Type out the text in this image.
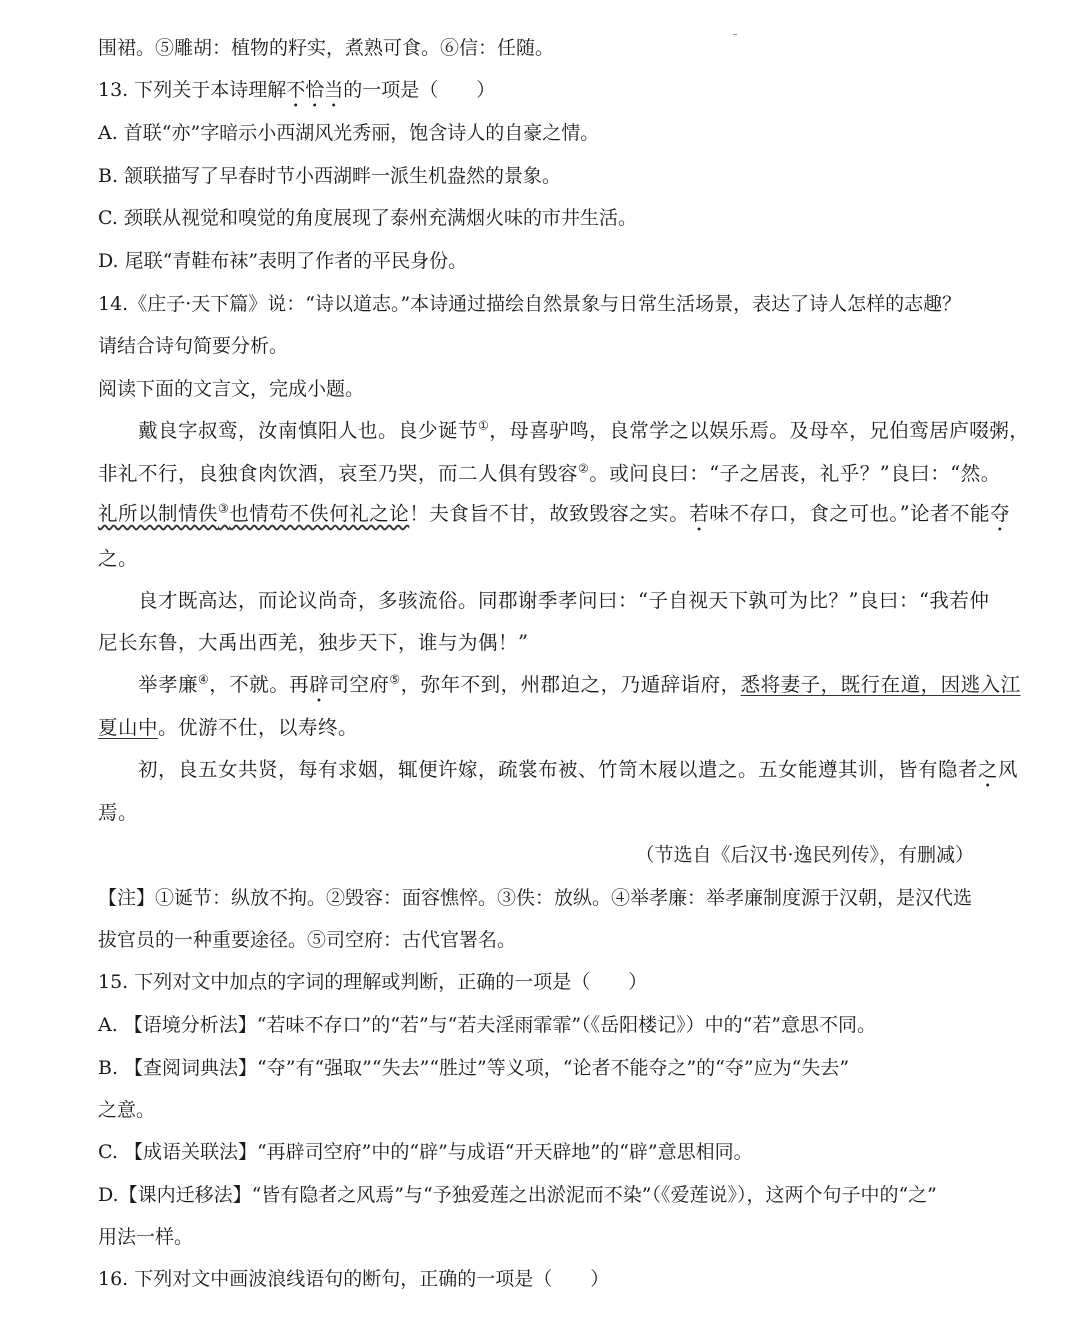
围裙。⑤雕胡：植物的籽实，煮熟可食。⑥信：任随。
13. 下列关于本诗理解不恰当的一项是（　　）
A. 首联“亦”字暗示小西湖风光秀丽，饱含诗人的自豪之情。
B. 颔联描写了早春时节小西湖畔一派生机盎然的景象。
C. 颈联从视觉和嗅觉的角度展现了泰州充满烟火味的市井生活。
D. 尾联“青鞋布袜”表明了作者的平民身份。
14.《庄子·天下篇》说：“诗以道志。”本诗通过描绘自然景象与日常生活场景，表达了诗人怎样的志趣？
请结合诗句简要分析。
阅读下面的文言文，完成小题。
戴良字叔鸾，汝南慎阳人也。良少诞节①，母喜驴鸣，良常学之以娱乐焉。及母卒，兄伯鸾居庐啜粥，
非礼不行，良独食肉饮酒，哀至乃哭，而二人俱有毁容②。或问良曰：“子之居丧，礼乎？”良曰：“然。
礼所以制情佚③也情苟不佚何礼之论！夫食旨不甘，故致毁容之实。若味不存口，食之可也。”论者不能夺
之。
良才既高达，而论议尚奇，多骇流俗。同郡谢季孝问曰：“子自视天下孰可为比？”良曰：“我若仲
尼长东鲁，大禹出西羌，独步天下，谁与为偶！”
举孝廉④，不就。再辟司空府⑤，弥年不到，州郡迫之，乃遁辞诣府，悉将妻子，既行在道，因逃入江
夏山中。优游不仕，以寿终。
初，良五女共贤，每有求姻，辄便许嫁，疏裳布被、竹笥木屐以遣之。五女能遵其训，皆有隐者之风
焉。
（节选自《后汉书·逸民列传》，有删减）
【注】①诞节：纵放不拘。②毁容：面容憔悴。③佚：放纵。④举孝廉：举孝廉制度源于汉朝，是汉代选
拔官员的一种重要途径。⑤司空府：古代官署名。
15. 下列对文中加点的字词的理解或判断，正确的一项是（　　）
A. 【语境分析法】“若味不存口”的“若”与“若夫淫雨霏霏”（《岳阳楼记》）中的“若”意思不同。
B. 【查阅词典法】“夺”有“强取”“失去”“胜过”等义项，“论者不能夺之”的“夺”应为“失去”
之意。
C. 【成语关联法】“再辟司空府”中的“辟”与成语“开天辟地”的“辟”意思相同。
D.【课内迁移法】“皆有隐者之风焉”与“予独爱莲之出淤泥而不染”（《爱莲说》），这两个句子中的“之”
用法一样。
16. 下列对文中画波浪线语句的断句，正确的一项是（　　）
